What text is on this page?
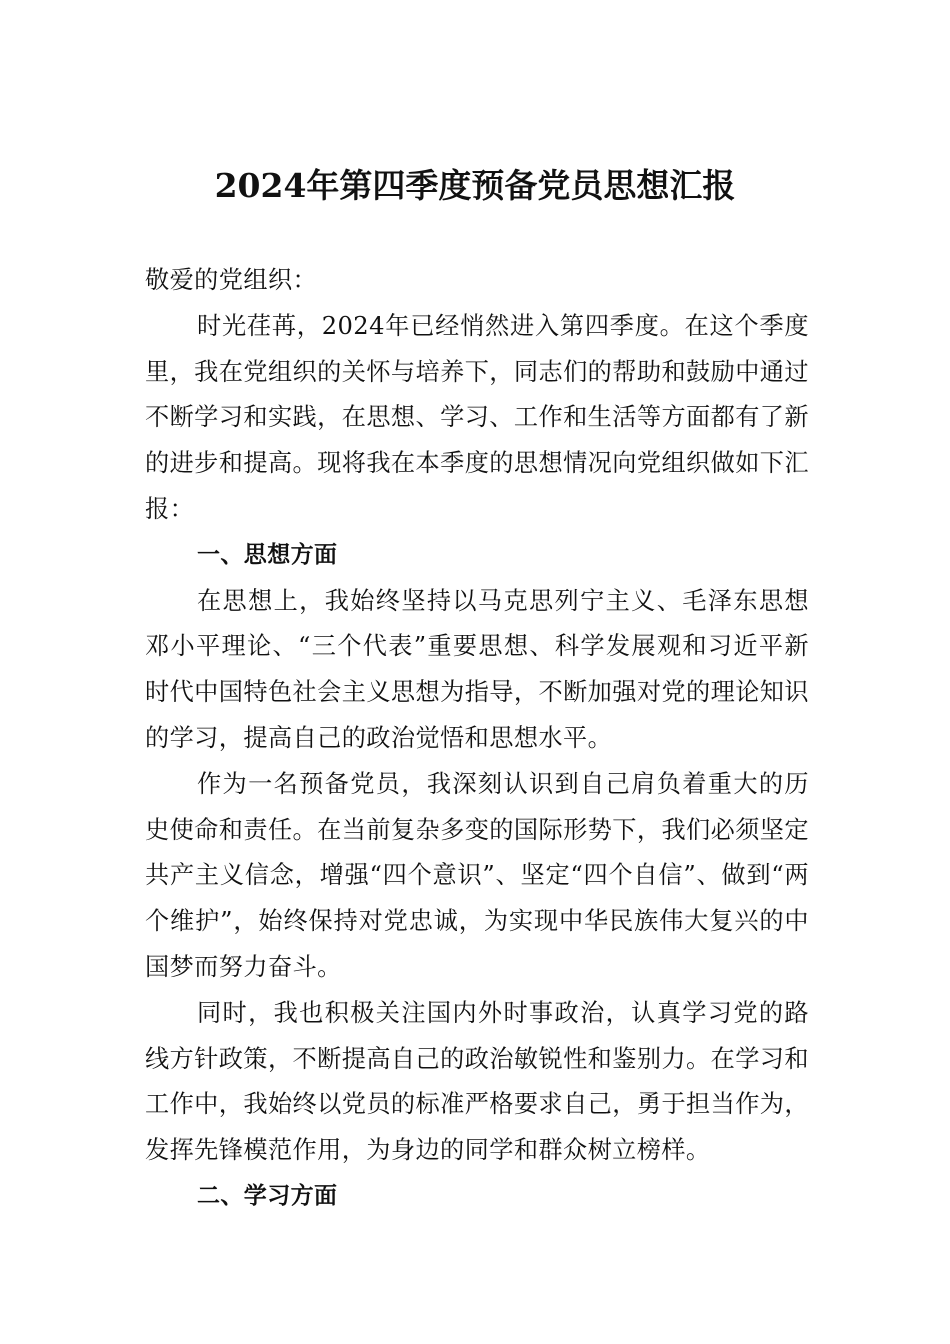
2024年第四季度预备党员思想汇报

敬爱的党组织：

时光荏苒，2024年已经悄然进入第四季度。在这个季度里，我在党组织的关怀与培养下，同志们的帮助和鼓励中通过不断学习和实践，在思想、学习、工作和生活等方面都有了新的进步和提高。现将我在本季度的思想情况向党组织做如下汇报：

一、思想方面

在思想上，我始终坚持以马克思列宁主义、毛泽东思想邓小平理论、“三个代表”重要思想、科学发展观和习近平新时代中国特色社会主义思想为指导，不断加强对党的理论知识的学习，提高自己的政治觉悟和思想水平。

作为一名预备党员，我深刻认识到自己肩负着重大的历史使命和责任。在当前复杂多变的国际形势下，我们必须坚定共产主义信念，增强“四个意识”、坚定“四个自信”、做到“两个维护”，始终保持对党忠诚，为实现中华民族伟大复兴的中国梦而努力奋斗。

同时，我也积极关注国内外时事政治，认真学习党的路线方针政策，不断提高自己的政治敏锐性和鉴别力。在学习和工作中，我始终以党员的标准严格要求自己，勇于担当作为，发挥先锋模范作用，为身边的同学和群众树立榜样。

二、学习方面
